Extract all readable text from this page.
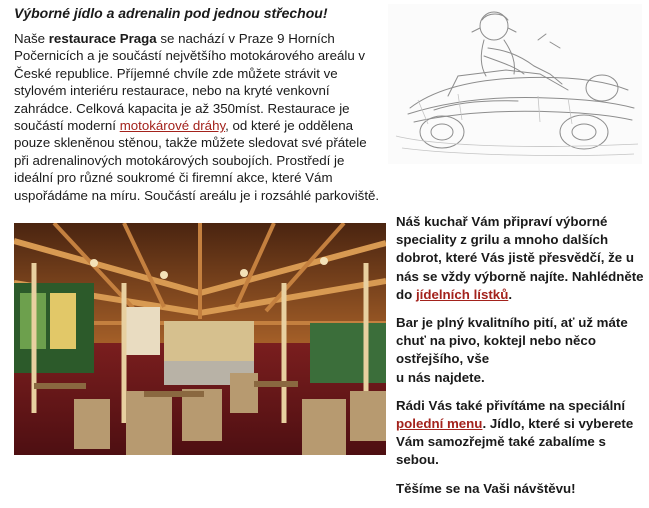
Výborné jídlo a adrenalin pod jednou střechou!

Naše restaurace Praga se nachází v Praze 9 Horních Počernicích a je součástí největšího motokárového areálu v České republice. Příjemné chvíle zde můžete strávit ve stylovém interiéru restaurace, nebo na kryté venkovní zahrádce. Celková kapacita je až 350míst. Restaurace je součástí moderní motokárové dráhy, od které je oddělena pouze skleněnou stěnou, takže můžete sledovat své přátele při adrenalinových motokárových soubojích. Prostředí je ideální pro různé soukromé či firemní akce, které Vám uspořádáme na míru. Součástí areálu je i rozsáhlé parkoviště.

Náš kuchař Vám připraví výborné speciality z grilu a mnoho dalších dobrot, které Vás jistě přesvědčí, že u nás se vždy výborně najíte. Nahlédněte do jídelních lístků.

Bar je plný kvalitního pití, ať už máte chuť na pivo, koktejl nebo něco ostřejšího, vše
u nás najdete.

Rádi Vás také přivítáme na speciální polední menu. Jídlo, které si vyberete Vám samozřejmě také zabalíme s sebou.

Těšíme se na Vaši návštěvu!
